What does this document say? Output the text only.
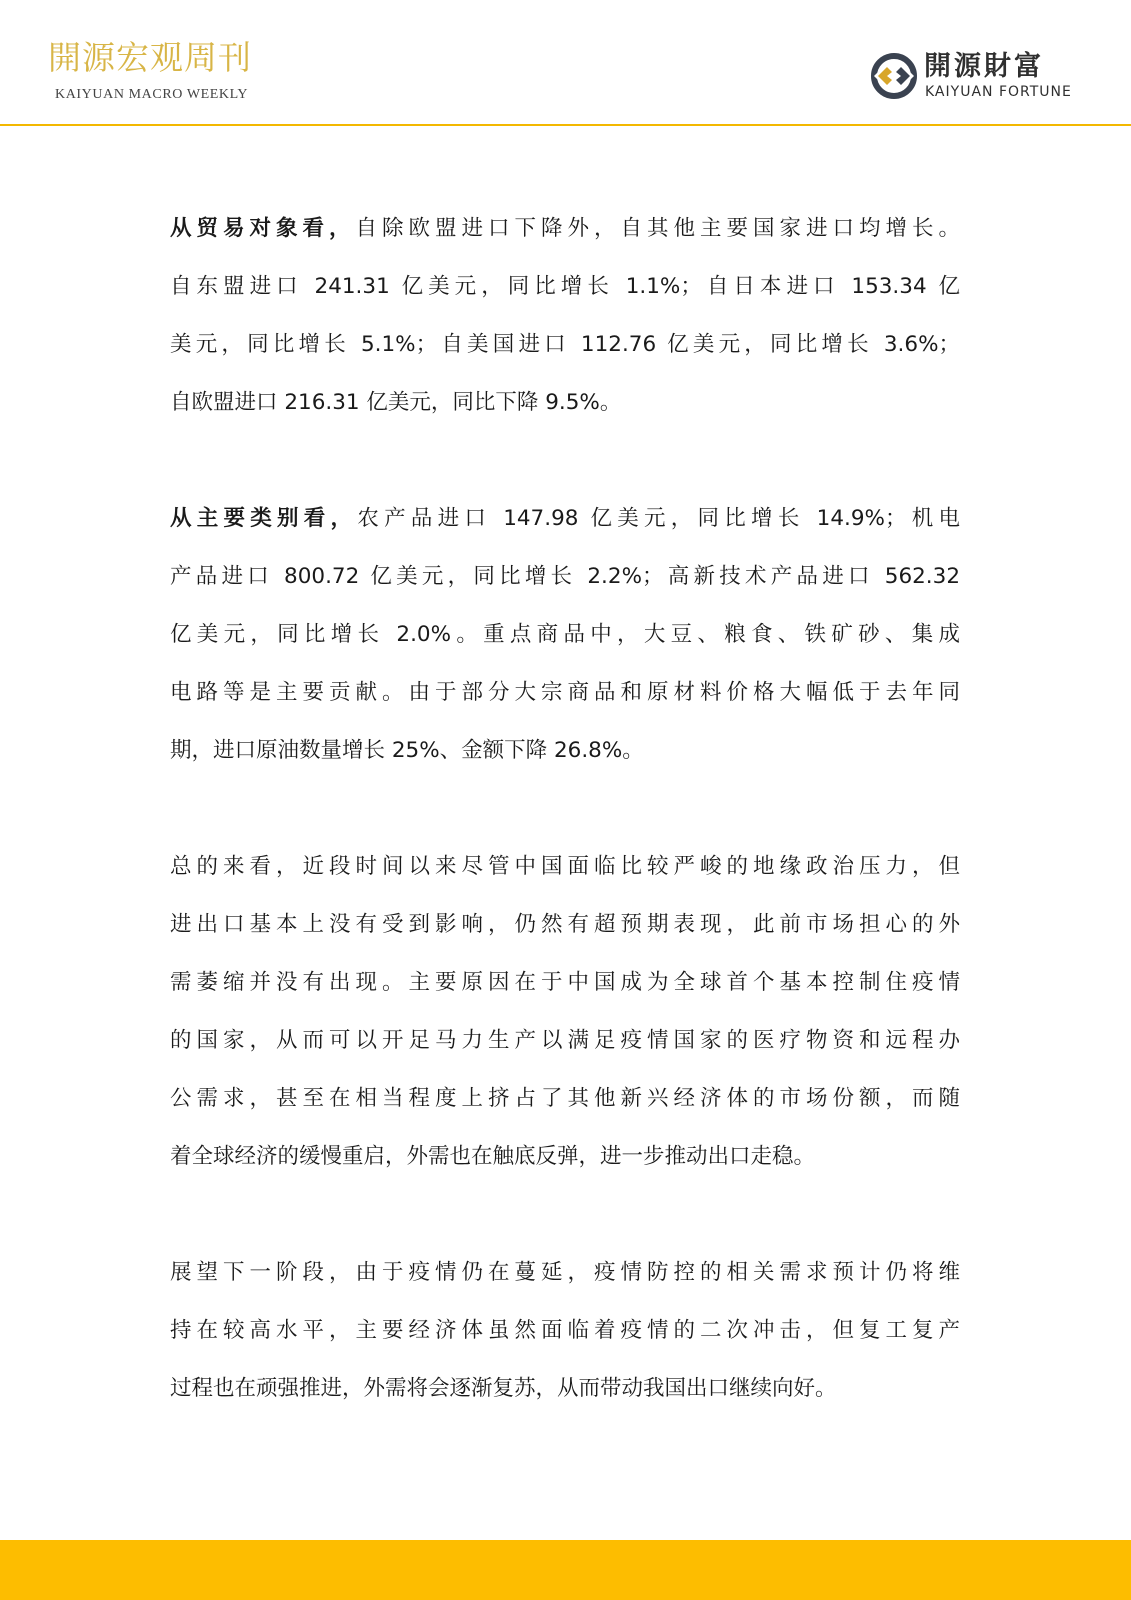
開源宏观周刊
KAIYUAN MACRO WEEKLY
開源財富
KAIYUAN FORTUNE
从贸易对象看，自除欧盟进口下降外，自其他主要国家进口均增长。
自东盟进口 241.31 亿美元，同比增长 1.1%；自日本进口 153.34 亿
美元，同比增长 5.1%；自美国进口 112.76 亿美元，同比增长 3.6%；
自欧盟进口 216.31 亿美元，同比下降 9.5%。
从主要类别看，农产品进口 147.98 亿美元，同比增长 14.9%；机电
产品进口 800.72 亿美元，同比增长 2.2%；高新技术产品进口 562.32
亿美元，同比增长 2.0%。重点商品中，大豆、粮食、铁矿砂、集成
电路等是主要贡献。由于部分大宗商品和原材料价格大幅低于去年同
期，进口原油数量增长 25%、金额下降 26.8%。
总的来看，近段时间以来尽管中国面临比较严峻的地缘政治压力，但
进出口基本上没有受到影响，仍然有超预期表现，此前市场担心的外
需萎缩并没有出现。主要原因在于中国成为全球首个基本控制住疫情
的国家，从而可以开足马力生产以满足疫情国家的医疗物资和远程办
公需求，甚至在相当程度上挤占了其他新兴经济体的市场份额，而随
着全球经济的缓慢重启，外需也在触底反弹，进一步推动出口走稳。
展望下一阶段，由于疫情仍在蔓延，疫情防控的相关需求预计仍将维
持在较高水平，主要经济体虽然面临着疫情的二次冲击，但复工复产
过程也在顽强推进，外需将会逐渐复苏，从而带动我国出口继续向好。
